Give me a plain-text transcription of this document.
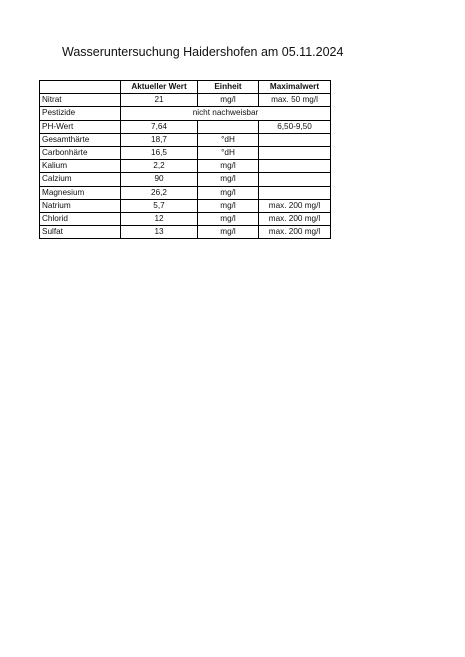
Wasseruntersuchung Haidershofen am 05.11.2024
	Aktueller Wert	Einheit	Maximalwert
Nitrat	21	mg/l	max. 50 mg/l
Pestizide	nicht nachweisbar		
PH-Wert	7,64		6,50-9,50
Gesamthärte	18,7	°dH	
Carbonhärte	16,5	°dH	
Kalium	2,2	mg/l	
Calzium	90	mg/l	
Magnesium	26,2	mg/l	
Natrium	5,7	mg/l	max. 200 mg/l
Chlorid	12	mg/l	max. 200 mg/l
Sulfat	13	mg/l	max. 200 mg/l
